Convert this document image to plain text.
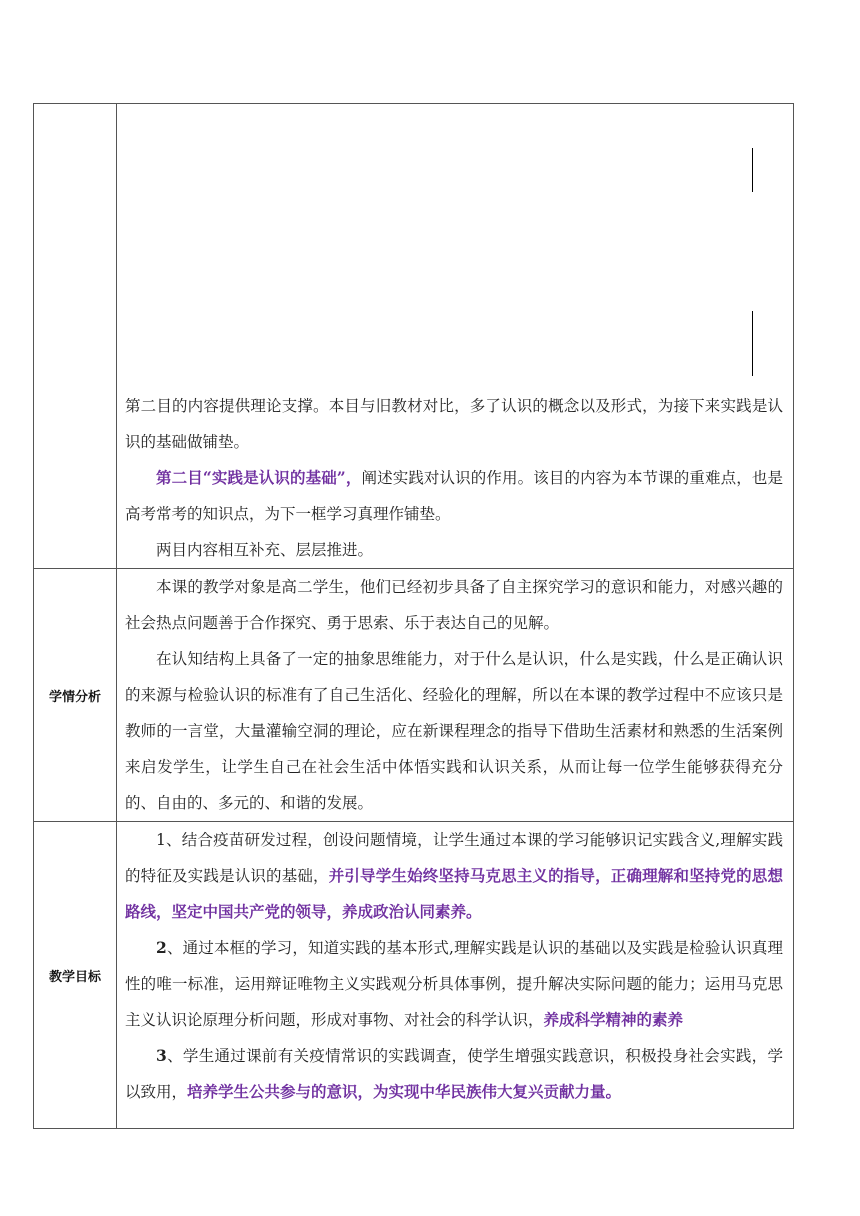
	第二目的内容提供理论支撑。本目与旧教材对比，多了认识的概念以及形式，为接下来实践是认识的基础做铺垫。

第二目“实践是认识的基础”，阐述实践对认识的作用。该目的内容为本节课的重难点，也是高考常考的知识点，为下一框学习真理作铺垫。

两目内容相互补充、层层推进。

学情分析	本课的教学对象是高二学生，他们已经初步具备了自主探究学习的意识和能力，对感兴趣的社会热点问题善于合作探究、勇于思索、乐于表达自己的见解。

在认知结构上具备了一定的抽象思维能力，对于什么是认识，什么是实践，什么是正确认识的来源与检验认识的标准有了自己生活化、经验化的理解，所以在本课的教学过程中不应该只是教师的一言堂，大量灌输空洞的理论，应在新课程理念的指导下借助生活素材和熟悉的生活案例来启发学生，让学生自己在社会生活中体悟实践和认识关系，从而让每一位学生能够获得充分的、自由的、多元的、和谐的发展。

教学目标	1、结合疫苗研发过程，创设问题情境，让学生通过本课的学习能够识记实践含义,理解实践的特征及实践是认识的基础，并引导学生始终坚持马克思主义的指导，正确理解和坚持党的思想路线，坚定中国共产党的领导，养成政治认同素养。

2、通过本框的学习，知道实践的基本形式,理解实践是认识的基础以及实践是检验认识真理性的唯一标准，运用辩证唯物主义实践观分析具体事例，提升解决实际问题的能力；运用马克思主义认识论原理分析问题，形成对事物、对社会的科学认识，养成科学精神的素养

3、学生通过课前有关疫情常识的实践调查，使学生增强实践意识，积极投身社会实践，学以致用，培养学生公共参与的意识，为实现中华民族伟大复兴贡献力量。
